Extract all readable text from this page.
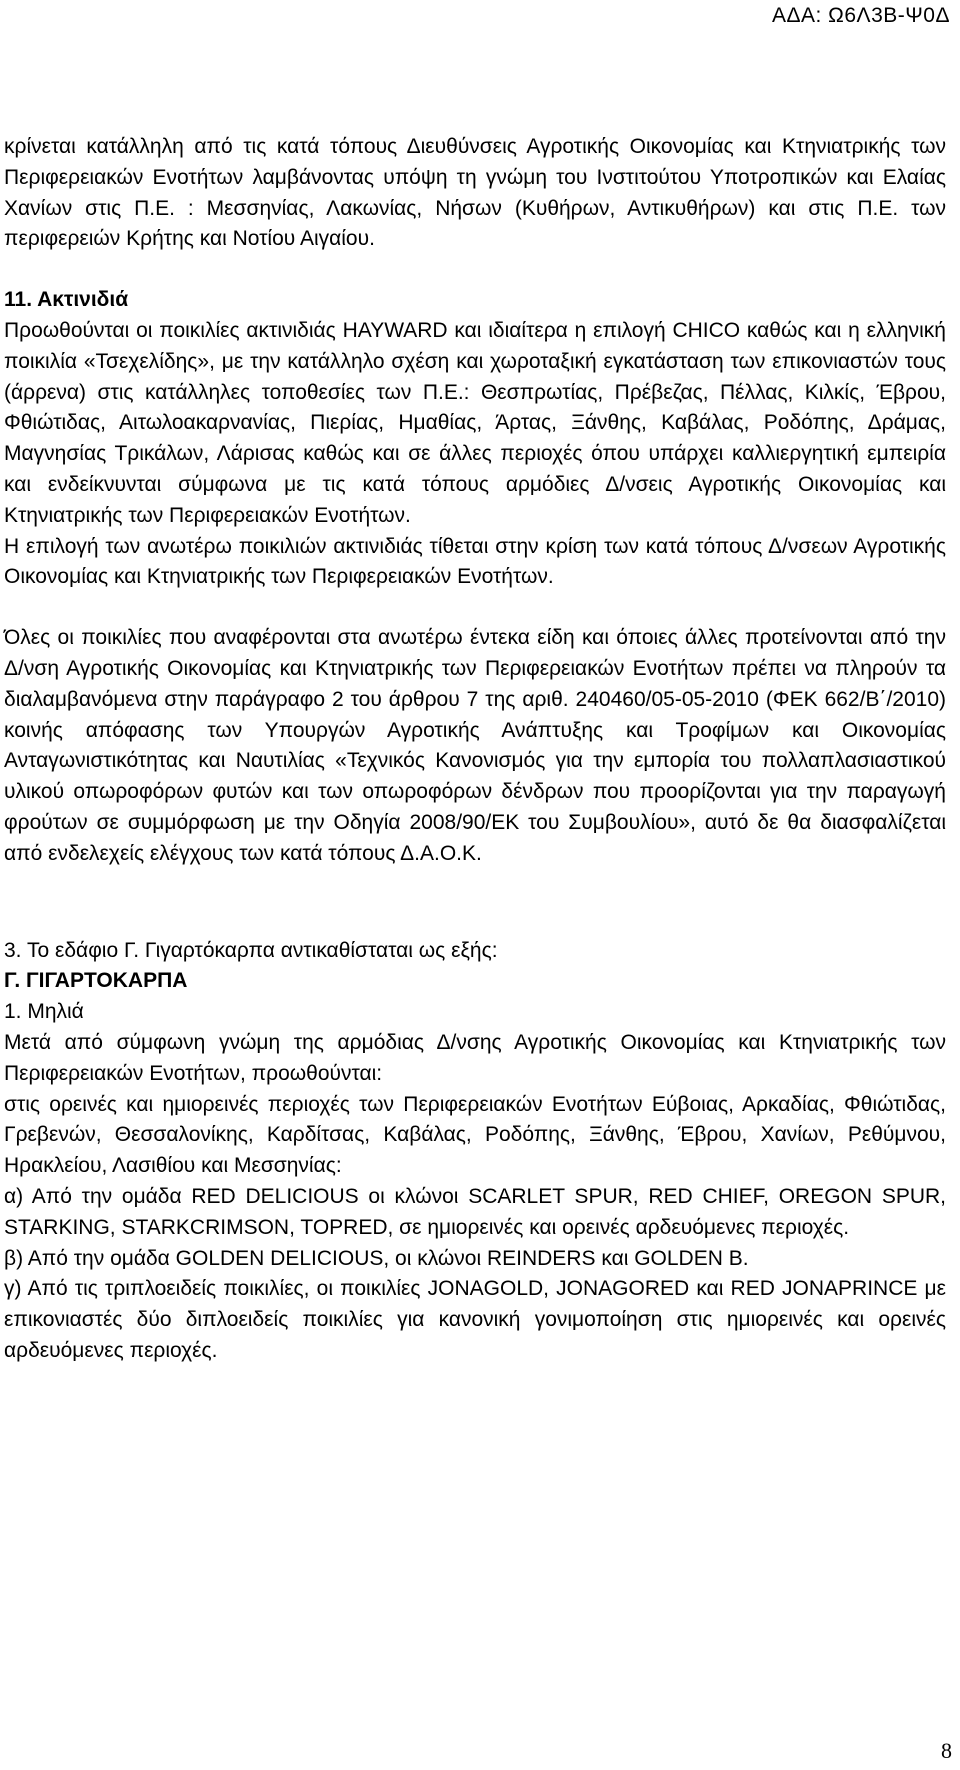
ΑΔΑ: Ω6Λ3Β-Ψ0Δ

κρίνεται κατάλληλη από τις κατά τόπους Διευθύνσεις Αγροτικής Οικονομίας και Κτηνιατρικής των Περιφερειακών Ενοτήτων λαμβάνοντας υπόψη τη γνώμη του Ινστιτούτου Υποτροπικών και Ελαίας Χανίων στις Π.Ε. : Μεσσηνίας, Λακωνίας, Νήσων (Κυθήρων, Αντικυθήρων) και στις Π.Ε. των περιφερειών Κρήτης και Νοτίου Αιγαίου.

11. Ακτινιδιά

Προωθούνται οι ποικιλίες ακτινιδιάς HAYWARD και ιδιαίτερα η επιλογή CHICO καθώς και η ελληνική ποικιλία «Τσεχελίδης», με την κατάλληλο σχέση και χωροταξική εγκατάσταση των επικονιαστών τους (άρρενα) στις κατάλληλες τοποθεσίες των Π.Ε.: Θεσπρωτίας, Πρέβεζας, Πέλλας, Κιλκίς, Έβρου, Φθιώτιδας, Αιτωλοακαρνανίας, Πιερίας, Ημαθίας, Άρτας, Ξάνθης, Καβάλας, Ροδόπης, Δράμας, Μαγνησίας Τρικάλων, Λάρισας καθώς και σε άλλες περιοχές όπου υπάρχει καλλιεργητική εμπειρία και ενδείκνυνται σύμφωνα με τις κατά τόπους αρμόδιες Δ/νσεις Αγροτικής Οικονομίας και Κτηνιατρικής των Περιφερειακών Ενοτήτων.

Η επιλογή των ανωτέρω ποικιλιών ακτινιδιάς τίθεται στην κρίση των κατά τόπους Δ/νσεων Αγροτικής Οικονομίας και Κτηνιατρικής των Περιφερειακών Ενοτήτων.

Όλες οι ποικιλίες που αναφέρονται στα ανωτέρω έντεκα είδη και όποιες άλλες προτείνονται από την Δ/νση Αγροτικής Οικονομίας και Κτηνιατρικής των Περιφερειακών Ενοτήτων πρέπει να πληρούν τα διαλαμβανόμενα στην παράγραφο 2 του άρθρου 7 της αριθ. 240460/05-05-2010 (ΦΕΚ 662/Β΄/2010) κοινής απόφασης των Υπουργών Αγροτικής Ανάπτυξης και Τροφίμων και Οικονομίας Ανταγωνιστικότητας και Ναυτιλίας «Τεχνικός Κανονισμός για την εμπορία του πολλαπλασιαστικού υλικού οπωροφόρων φυτών και των οπωροφόρων δένδρων που προορίζονται για την παραγωγή φρούτων σε συμμόρφωση με την Οδηγία 2008/90/ΕΚ του Συμβουλίου», αυτό δε θα διασφαλίζεται από ενδελεχείς ελέγχους των κατά τόπους Δ.Α.Ο.Κ.

3. Το εδάφιο Γ. Γιγαρτόκαρπα αντικαθίσταται ως εξής:

Γ. ΓΙΓΑΡΤΟΚΑΡΠΑ

1. Μηλιά

Μετά από σύμφωνη γνώμη της αρμόδιας Δ/νσης Αγροτικής Οικονομίας και Κτηνιατρικής των Περιφερειακών Ενοτήτων, προωθούνται:

στις ορεινές και ημιορεινές περιοχές των Περιφερειακών Ενοτήτων Εύβοιας, Αρκαδίας, Φθιώτιδας, Γρεβενών, Θεσσαλονίκης, Καρδίτσας, Καβάλας, Ροδόπης, Ξάνθης, Έβρου, Χανίων, Ρεθύμνου, Ηρακλείου, Λασιθίου και Μεσσηνίας:

α) Από την ομάδα RED DELICIOUS οι κλώνοι SCARLET SPUR, RED CHIEF, OREGON SPUR, STARKING, STARKCRIMSON, TOPRED, σε ημιορεινές και ορεινές αρδευόμενες περιοχές.

β) Από την ομάδα GOLDEN DELICIOUS, οι κλώνοι REINDERS και GOLDEN B.

γ) Από τις τριπλοειδείς ποικιλίες, οι ποικιλίες JONAGOLD, JONAGORED και RED JONAPRINCE με επικονιαστές δύο διπλοειδείς ποικιλίες για κανονική γονιμοποίηση στις ημιορεινές και ορεινές αρδευόμενες περιοχές.

8
